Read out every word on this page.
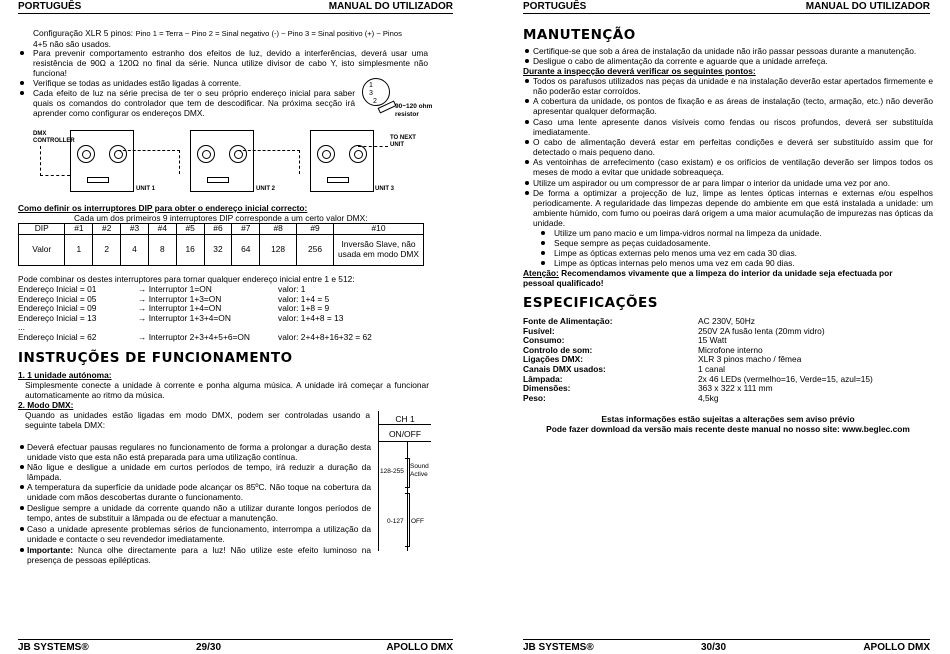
PORTUGUÊS	MANUAL DO UTILIZADOR
Configuração XLR 5 pinos: Pino 1 = Terra ~ Pino 2 = Sinal negativo (-) ~ Pino 3 = Sinal positivo (+) ~ Pinos
4+5 não são usados.
Para prevenir comportamento estranho dos efeitos de luz, devido a interferências, deverá usar uma resistência de 90Ω a 120Ω no final da série. Nunca utilize divisor de cabo Y, isto simplesmente não funciona!
Verifique se todas as unidades estão ligadas à corrente.
Cada efeito de luz na série precisa de ter o seu próprio endereço inicial para saber quais os comandos do controlador que tem de descodificar. Na próxima secção irá aprender como configurar os endereços DMX.
1
3
2
90~120 ohm resistor
DMX CONTROLLER
UNIT 1	UNIT 2	UNIT 3
TO NEXT UNIT
Como definir os interruptores DIP para obter o endereço inicial correcto:
Cada um dos primeiros 9 interruptores DIP corresponde a um certo valor DMX:
DIP	#1	#2	#3	#4	#5	#6	#7	#8	#9	#10
Valor	1	2	4	8	16	32	64	128	256	Inversão Slave, não usada em modo DMX
Pode combinar os destes interruptores para tornar qualquer endereço inicial entre 1 e 512:
Endereço Inicial = 01	→ Interruptor 1=ON	valor: 1
Endereço Inicial = 05	→ Interruptor 1+3=ON	valor: 1+4 = 5
Endereço Inicial = 09	→ Interruptor 1+4=ON	valor: 1+8 = 9
Endereço Inicial = 13	→ Interruptor 1+3+4=ON	valor: 1+4+8 = 13
...
Endereço Inicial = 62	→ Interruptor 2+3+4+5+6=ON	valor: 2+4+8+16+32 = 62
INSTRUÇÕES DE FUNCIONAMENTO
1. 1 unidade autónoma:
Simplesmente conecte a unidade à corrente e ponha alguma música. A unidade irá começar a funcionar automaticamente ao ritmo da música.
2. Modo DMX:
Quando as unidades estão ligadas em modo DMX, podem ser controladas usando a seguinte tabela DMX:
CH 1
ON/OFF
128-255
Sound Active
0-127 OFF
Deverá efectuar pausas regulares no funcionamento de forma a prolongar a duração desta unidade visto que esta não está preparada para uma utilização contínua.
Não ligue e desligue a unidade em curtos períodos de tempo, irá reduzir a duração da lâmpada.
A temperatura da superfície da unidade pode alcançar os 85ºC. Não toque na cobertura da unidade com mãos descobertas durante o funcionamento.
Desligue sempre a unidade da corrente quando não a utilizar durante longos períodos de tempo, antes de substituir a lâmpada ou de efectuar a manutenção.
Caso a unidade apresente problemas sérios de funcionamento, interrompa a utilização da unidade e contacte o seu revendedor imediatamente.
Importante: Nunca olhe directamente para a luz! Não utilize este efeito luminoso na presença de pessoas epilépticas.
JB SYSTEMS®	29/30	APOLLO DMX
PORTUGUÊS	MANUAL DO UTILIZADOR
MANUTENÇÃO
Certifique-se que sob a área de instalação da unidade não irão passar pessoas durante a manutenção.
Desligue o cabo de alimentação da corrente e aguarde que a unidade arrefeça.
Durante a inspecção deverá verificar os seguintes pontos:
Todos os parafusos utilizados nas peças da unidade e na instalação deverão estar apertados firmemente e não poderão estar corroídos.
A cobertura da unidade, os pontos de fixação e as áreas de instalação (tecto, armação, etc.) não deverão apresentar qualquer deformação.
Caso uma lente apresente danos visíveis como fendas ou riscos profundos, deverá ser substituída imediatamente.
O cabo de alimentação deverá estar em perfeitas condições e deverá ser substituído assim que for detectado o mais pequeno dano.
As ventoinhas de arrefecimento (caso existam) e os orifícios de ventilação deverão ser limpos todos os meses de modo a evitar que unidade sobreaqueça.
Utilize um aspirador ou um compressor de ar para limpar o interior da unidade uma vez por ano.
De forma a optimizar a projecção de luz, limpe as lentes ópticas internas e externas e/ou espelhos periodicamente. A regularidade das limpezas depende do ambiente em que está instalada a unidade: um ambiente húmido, com fumo ou poeiras dará origem a uma maior acumulação de impurezas nas ópticas da unidade.
Utilize um pano macio e um limpa-vidros normal na limpeza da unidade.
Seque sempre as peças cuidadosamente.
Limpe as ópticas externas pelo menos uma vez em cada 30 dias.
Limpe as ópticas internas pelo menos uma vez em cada 90 dias.
Atenção: Recomendamos vivamente que a limpeza do interior da unidade seja efectuada por pessoal qualificado!
ESPECIFICAÇÕES
Fonte de Alimentação:	AC 230V, 50Hz
Fusível:	250V 2A fusão lenta (20mm vidro)
Consumo:	15 Watt
Controlo de som:	Microfone interno
Ligações DMX:	XLR 3 pinos macho / fêmea
Canais DMX usados:	1 canal
Lâmpada:	2x 46 LEDs (vermelho=16, Verde=15, azul=15)
Dimensões:	363 x 322 x 111 mm
Peso:	4,5kg
Estas informações estão sujeitas a alterações sem aviso prévio
Pode fazer download da versão mais recente deste manual no nosso site: www.beglec.com
JB SYSTEMS®	30/30	APOLLO DMX
